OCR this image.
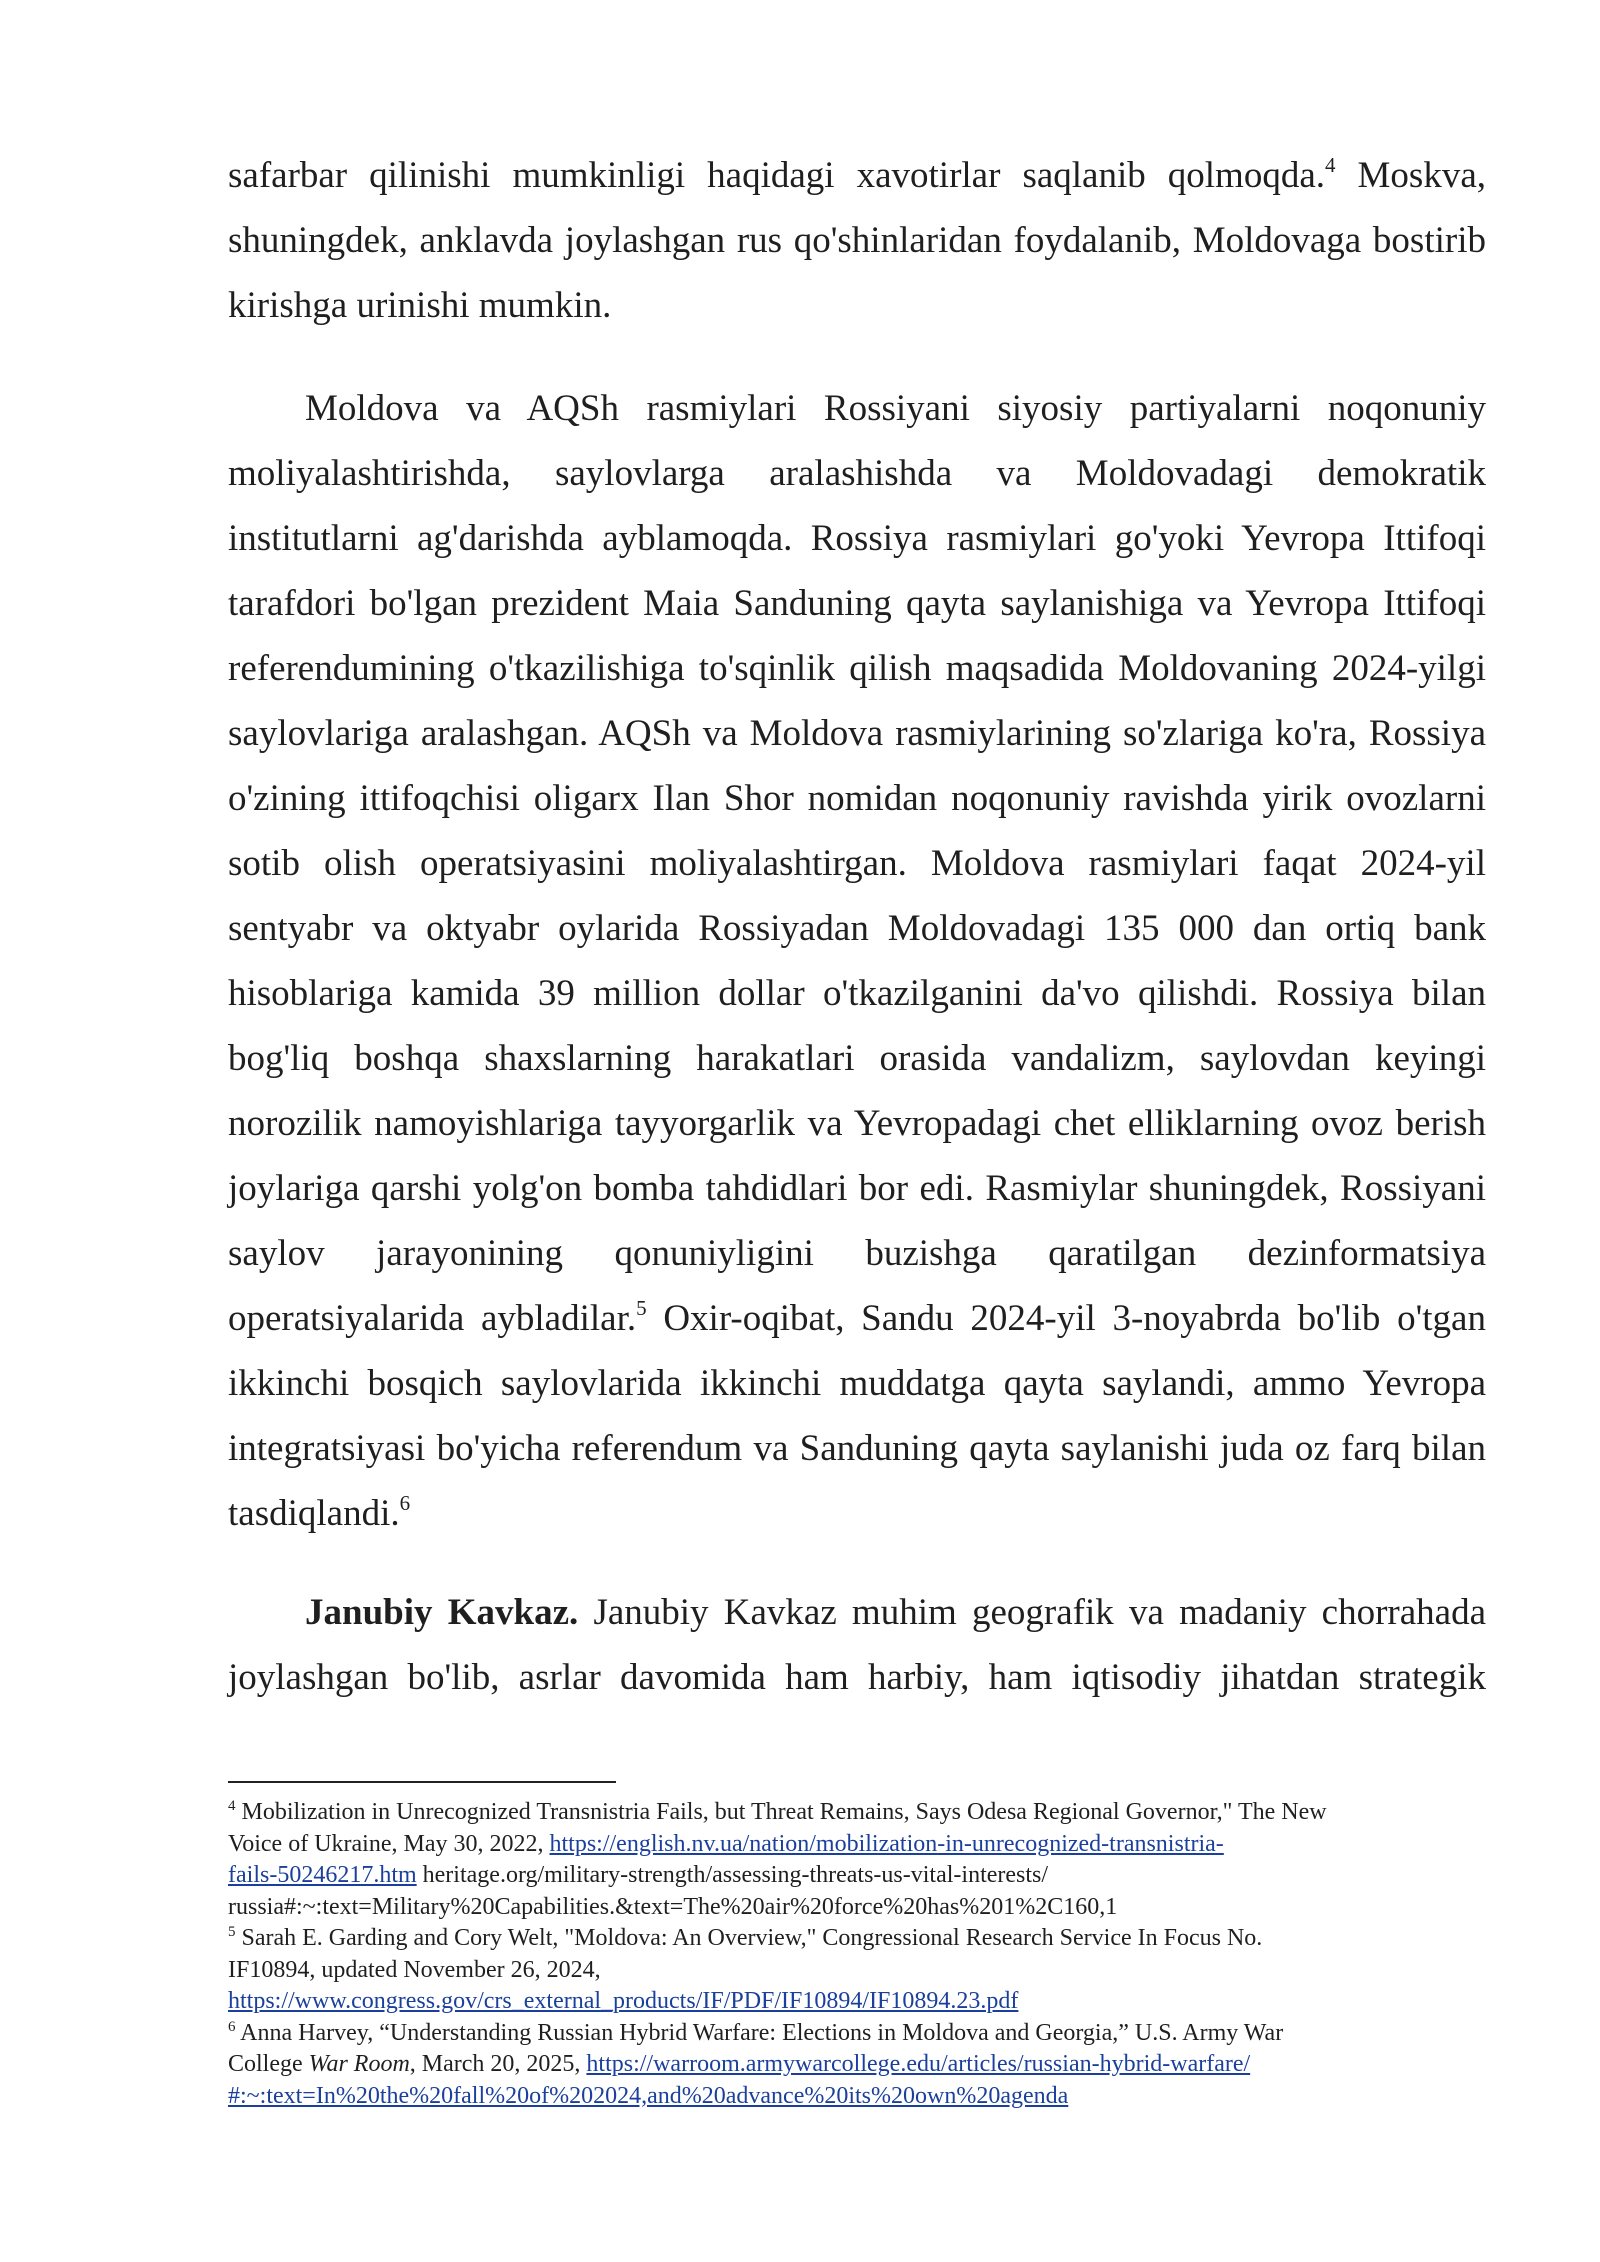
safarbar qilinishi mumkinligi haqidagi xavotirlar saqlanib qolmoqda.$^4$ Moskva,
shuningdek, anklavda joylashgan rus qo'shinlaridan foydalanib, Moldovaga bostirib
kirishga urinishi mumkin.
Moldova va AQSh rasmiylari Rossiyani siyosiy partiyalarni noqonuniy
moliyalashtirishda, saylovlarga aralashishda va Moldovadagi demokratik
institutlarni ag'darishda ayblamoqda. Rossiya rasmiylari go'yoki Yevropa Ittifoqi
tarafdori bo'lgan prezident Maia Sanduning qayta saylanishiga va Yevropa Ittifoqi
referendumining o'tkazilishiga to'sqinlik qilish maqsadida Moldovaning 2024-yilgi
saylovlariga aralashgan. AQSh va Moldova rasmiylarining so'zlariga ko'ra, Rossiya
o'zining ittifoqchisi oligarx Ilan Shor nomidan noqonuniy ravishda yirik ovozlarni
sotib olish operatsiyasini moliyalashtirgan. Moldova rasmiylari faqat 2024-yil
sentyabr va oktyabr oylarida Rossiyadan Moldovadagi 135 000 dan ortiq bank
hisoblariga kamida 39 million dollar o'tkazilganini da'vo qilishdi. Rossiya bilan
bog'liq boshqa shaxslarning harakatlari orasida vandalizm, saylovdan keyingi
norozilik namoyishlariga tayyorgarlik va Yevropadagi chet elliklarning ovoz berish
joylariga qarshi yolg'on bomba tahdidlari bor edi. Rasmiylar shuningdek, Rossiyani
saylov jarayonining qonuniyligini buzishga qaratilgan dezinformatsiya
operatsiyalarida aybladilar.$^5$ Oxir-oqibat, Sandu 2024-yil 3-noyabrda bo'lib o'tgan
ikkinchi bosqich saylovlarida ikkinchi muddatga qayta saylandi, ammo Yevropa
integratsiyasi bo'yicha referendum va Sanduning qayta saylanishi juda oz farq bilan
tasdiqlandi.$^6$
Janubiy Kavkaz. Janubiy Kavkaz muhim geografik va madaniy chorrahada
joylashgan bo'lib, asrlar davomida ham harbiy, ham iqtisodiy jihatdan strategik
$^4$ Mobilization in Unrecognized Transnistria Fails, but Threat Remains, Says Odesa Regional Governor," The New
Voice of Ukraine, May 30, 2022, https://english.nv.ua/nation/mobilization-in-unrecognized-transnistria-
fails-50246217.htm heritage.org/military-strength/assessing-threats-us-vital-interests/
russia#:~:text=Military%20Capabilities.&text=The%20air%20force%20has%201%2C160,1
$^5$ Sarah E. Garding and Cory Welt, "Moldova: An Overview," Congressional Research Service In Focus No.
IF10894, updated November 26, 2024,
https://www.congress.gov/crs_external_products/IF/PDF/IF10894/IF10894.23.pdf
$^6$ Anna Harvey, “Understanding Russian Hybrid Warfare: Elections in Moldova and Georgia,” U.S. Army War
College War Room, March 20, 2025, https://warroom.armywarcollege.edu/articles/russian-hybrid-warfare/
#:~:text=In%20the%20fall%20of%202024,and%20advance%20its%20own%20agenda
